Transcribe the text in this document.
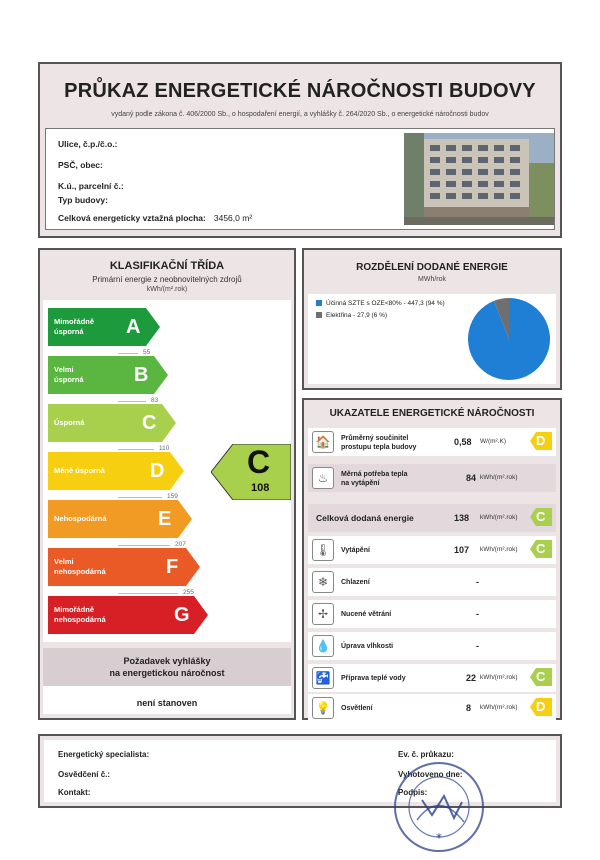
PRŮKAZ ENERGETICKÉ NÁROČNOSTI BUDOVY
vydaný podle zákona č. 406/2000 Sb., o hospodaření energií, a vyhlášky č. 264/2020 Sb., o energetické náročnosti budov
Ulice, č.p./č.o.:
PSČ, obec:
K.ú., parcelní č.:
Typ budovy:
Celková energeticky vztažná plocha: 3456,0 m²
KLASIFIKAČNÍ TŘÍDA
Primární energie z neobnovitelných zdrojů
kWh/(m².rok)
C
108
Mimořádně
úsporná	A
55
Velmi
úsporná	B
83
Úsporná	C
110
Méně úsporná D
159
Nehospodárná	E
207
Velmi
nehospodárná	F
255
Mimořádně
nehospodárná	G
Požadavek vyhlášky
na energetickou náročnost
není stanoven
ROZDĚLENÍ DODANÉ ENERGIE
MWh/rok
Účinná SZTE s OZE<80% - 447,3 (94 %)
Elektřina - 27,9 (6 %)
UKAZATELE ENERGETICKÉ NÁROČNOSTI
🏠	Průměrný součinitel
prostupu tepla budovy
0,58 W/(m².K) D
♨	Měrná potřeba tepla
na vytápění
84 kWh/(m².rok)
Celková dodaná energie	138 kWh/(m².rok) C
🌡	Vytápění	107 kWh/(m².rok) C
❄	Chlazení	-
✢	Nucené větrání	-
💧	Úprava vlhkosti	-
🚰	Příprava teplé vody	22 kWh/(m².rok) C
💡	Osvětlení	8 kWh/(m².rok) D
Energetický specialista:
Osvědčení č.:
Kontakt:
Ev. č. průkazu:
Vyhotoveno dne:
Podpis:
*
